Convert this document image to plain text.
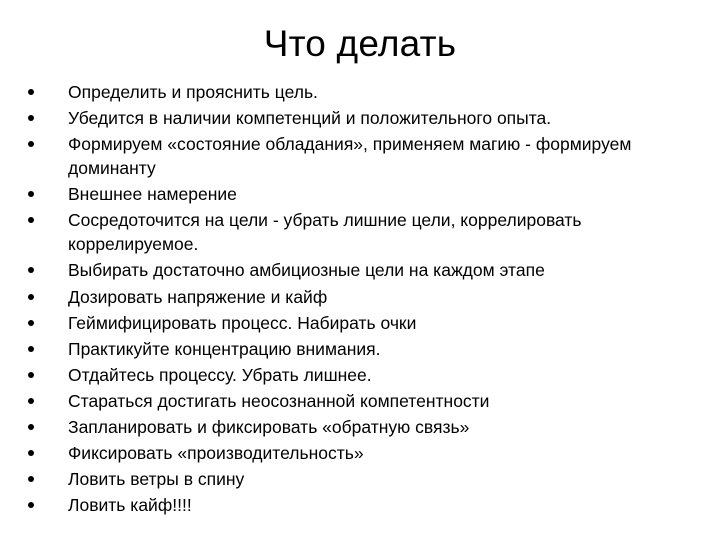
Что делать
Определить и прояснить цель.
Убедится в наличии компетенций и положительного опыта.
Формируем «состояние обладания», применяем магию - формируем доминанту
Внешнее намерение
Сосредоточится на цели - убрать лишние цели, коррелировать коррелируемое.
Выбирать достаточно амбициозные цели на каждом этапе
Дозировать напряжение и кайф
Геймифицировать процесс. Набирать очки
Практикуйте концентрацию внимания.
Отдайтесь процессу. Убрать лишнее.
Стараться достигать неосознанной компетентности
Запланировать и фиксировать «обратную связь»
Фиксировать «производительность»
Ловить ветры в спину
Ловить кайф!!!!
